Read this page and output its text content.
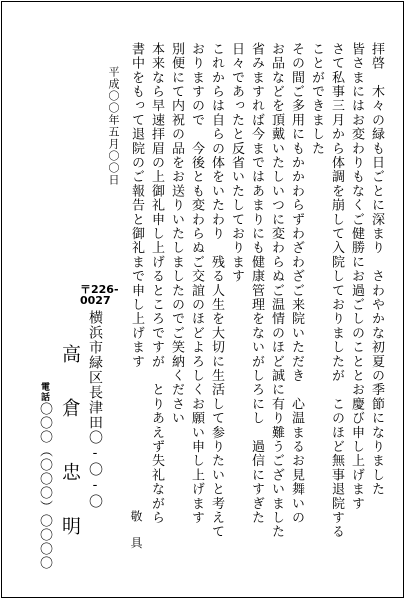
拝啓　木々の緑も日ごとに深まり　さわやかな初夏の季節になりました
皆さまにはお変わりもなくご健勝にお過ごしのこととお慶び申し上げます
さて私事三月から体調を崩して入院しておりましたが　このほど無事退院する
ことができました
その間ご多用にもかかわらずわざわざご来院いただき　心温まるお見舞いの
お品などを頂戴いたしいつに変わらぬご温情のほど誠に有り難うございました
省みますれば今まではあまりにも健康管理をないがしろにし　過信にすぎた
日々であったと反省いたしております
これからは自らの体をいたわり　残る人生を大切に生活して参りたいと考えて
おりますので　今後とも変わらぬご交誼のほどよろしくお願い申し上げます
別便にて内祝の品をお送りいたしましたのでご笑納ください
本来なら早速拝眉の上御礼申し上げるところですが　とりあえず失礼ながら
書中をもって退院のご報告と御礼まで申し上げます
敬　具
平成〇〇年五月〇〇日
〒226-
0027
横浜市緑区長津田〇-〇-〇
高
倉
忠
明
電話〇〇〇（〇〇〇）〇〇〇〇
